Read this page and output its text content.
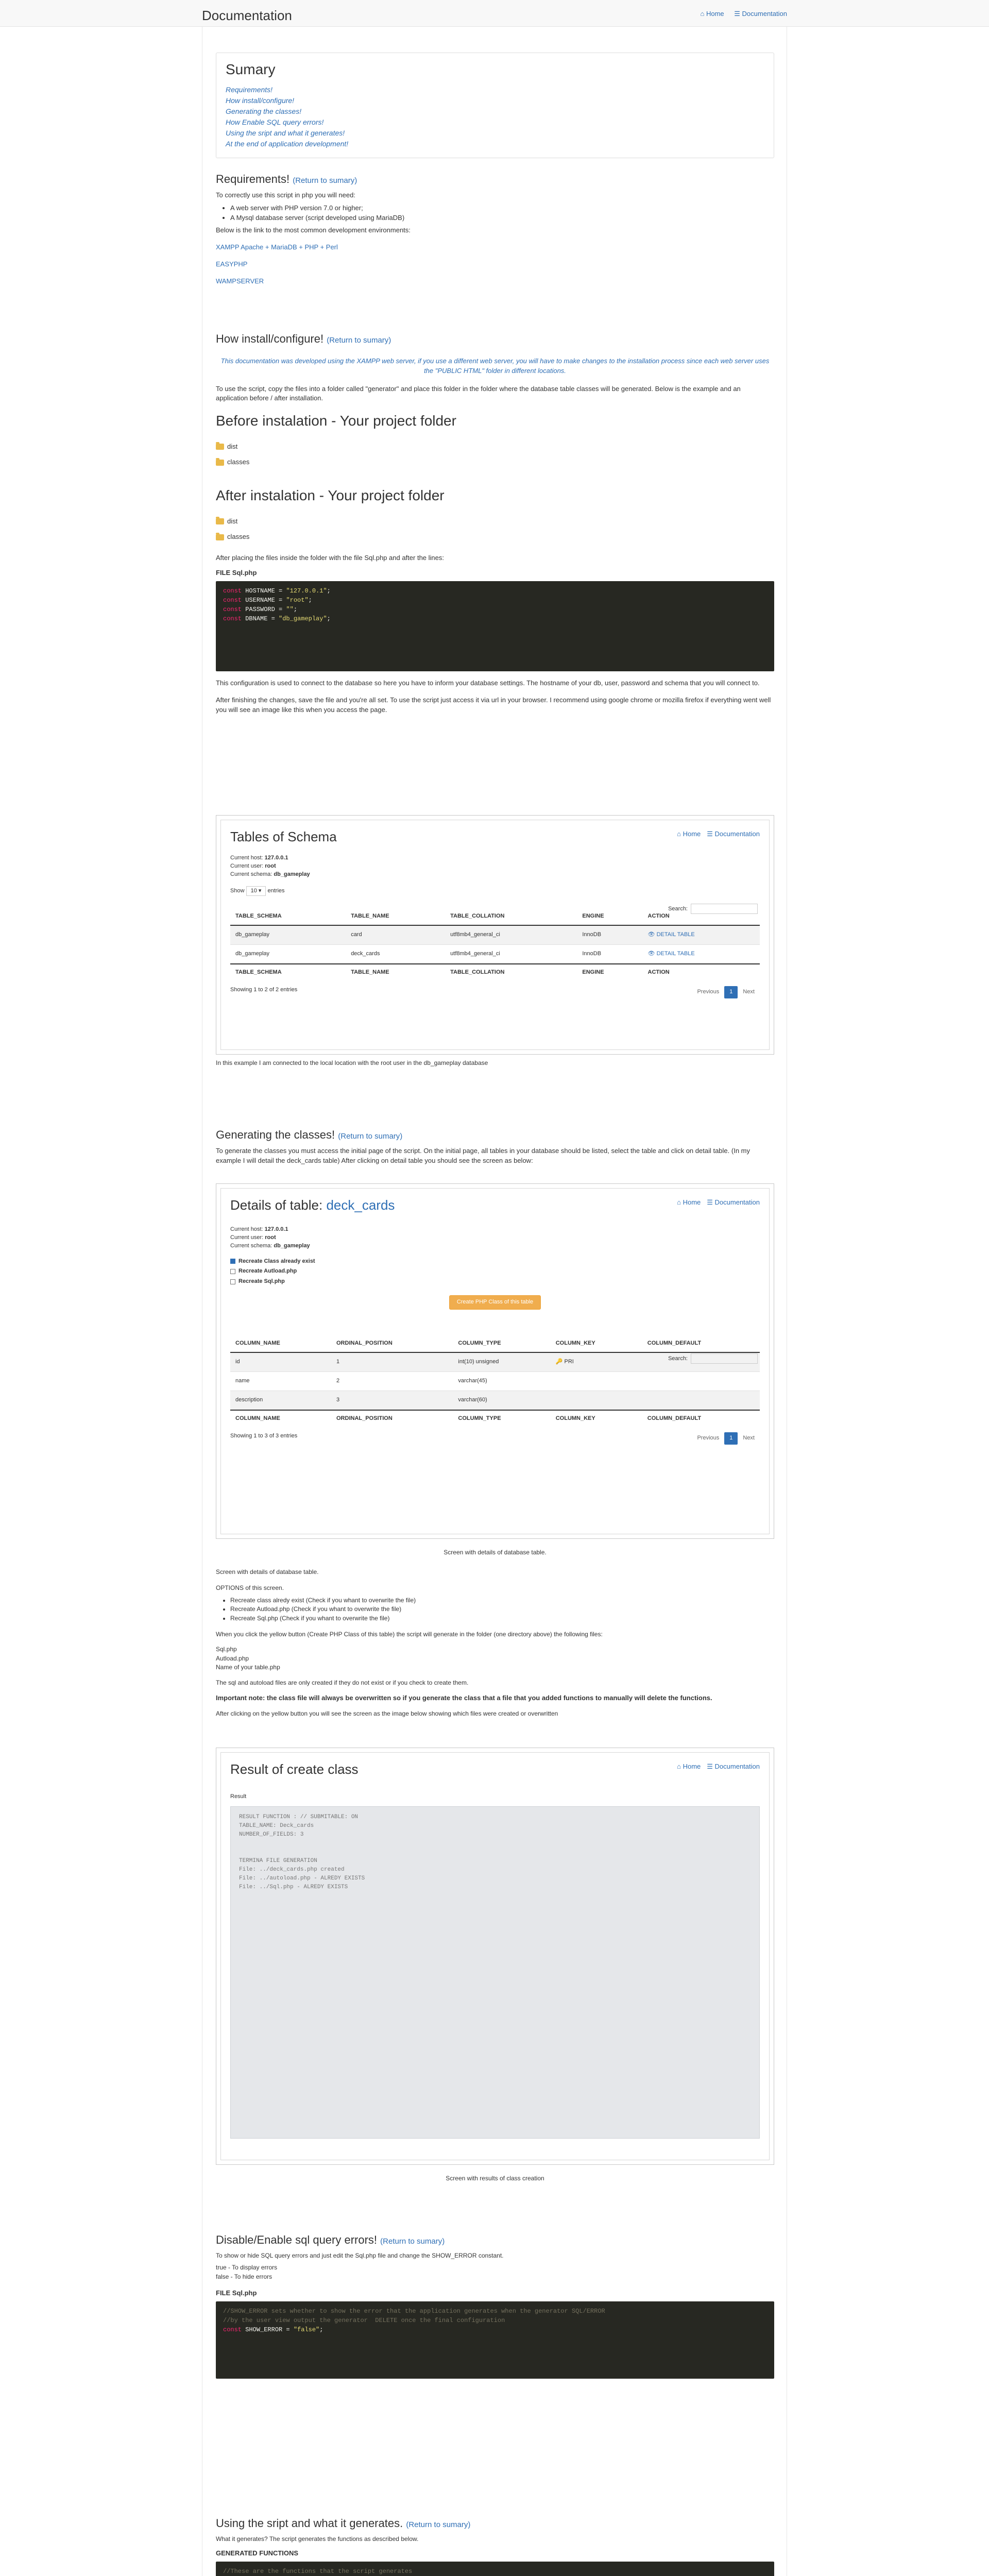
Documentation	⌂ Home ☰ Documentation
Sumary
Requirements!
How install/configure!
Generating the classes!
How Enable SQL query errors!
Using the sript and what it generates!
At the end of application development!
Requirements! (Return to sumary)

To correctly use this script in php you will need:

• A web server with PHP version 7.0 or higher;
• A Mysql database server (script developed using MariaDB)

Below is the link to the most common development environments:

XAMPP Apache + MariaDB + PHP + Perl
EASYPHP
WAMPSERVER
How install/configure! (Return to sumary)

This documentation was developed using the XAMPP web server, if you use a different web server, you will have to make changes to the installation process since each web server uses the "PUBLIC HTML" folder in different locations.

To use the script, copy the files into a folder called "generator" and place this folder in the folder where the database table classes will be generated. Below is the example and an application before / after installation.

Before instalation - Your project folder
dist
classes
After instalation - Your project folder
dist
classes

After placing the files inside the folder with the file Sql.php and after the lines:

FILE Sql.php

const HOSTNAME = "127.0.0.1";
const USERNAME = "root";
const PASSWORD = "";
const DBNAME = "db_gameplay";

This configuration is used to connect to the database so here you have to inform your database settings. The hostname of your db, user, password and schema that you will connect to.

After finishing the changes, save the file and you're all set. To use the script just access it via url in your browser. I recommend using google chrome or mozilla firefox if everything went well you will see an image like this when you access the page.

Tables of Schema	⌂ Home ☰ Documentation
Current host: 127.0.0.1
Current user: root
Current schema: db_gameplay
Show 10 ▾ entries
Search:
TABLE_SCHEMA	TABLE_NAME	TABLE_COLLATION	ENGINE	ACTION
db_gameplay	card	utf8mb4_general_ci	InnoDB	👁 DETAIL TABLE
db_gameplay	deck_cards	utf8mb4_general_ci	InnoDB	👁 DETAIL TABLE
TABLE_SCHEMA	TABLE_NAME	TABLE_COLLATION	ENGINE	ACTION
Showing 1 to 2 of 2 entries	Previous 1 Next
In this example I am connected to the local location with the root user in the db_gameplay database
Generating the classes! (Return to sumary)

To generate the classes you must access the initial page of the script. On the initial page, all tables in your database should be listed, select the table and click on detail table. (In my example I will detail the deck_cards table) After clicking on detail table you should see the screen as below:

Details of table: deck_cards	⌂ Home ☰ Documentation
Current host: 127.0.0.1
Current user: root
Current schema: db_gameplay
Recreate Class already exist
Recreate Autload.php
Recreate Sql.php
Create PHP Class of this table
Search:
COLUMN_NAME	ORDINAL_POSITION	COLUMN_TYPE	COLUMN_KEY	COLUMN_DEFAULT
id	1	int(10) unsigned	🔑 PRI	
name	2	varchar(45)		
description	3	varchar(60)		
COLUMN_NAME	ORDINAL_POSITION	COLUMN_TYPE	COLUMN_KEY	COLUMN_DEFAULT
Showing 1 to 3 of 3 entries	Previous 1 Next
Screen with details of database table.

Screen with details of database table.

OPTIONS of this screen.

• Recreate class alredy exist (Check if you whant to overwrite the file)
• Recreate Autload.php (Check if you whant to overwrite the file)
• Recreate Sql.php (Check if you whant to overwrite the file)

When you click the yellow button (Create PHP Class of this table) the script will generate in the folder (one directory above) the following files:

Sql.php
Autload.php
Name of your table.php

The sql and autoload files are only created if they do not exist or if you check to create them.

Important note: the class file will always be overwritten so if you generate the class that a file that you added functions to manually will delete the functions.

After clicking on the yellow button you will see the screen as the image below showing which files were created or overwritten

Result of create class	⌂ Home ☰ Documentation
Result
RESULT FUNCTION : // SUBMITABLE: ON
TABLE_NAME: Deck_cards
NUMBER_OF_FIELDS: 3

TERMINA FILE GENERATION
File: ../deck_cards.php created
File: ../autoload.php - ALREDY EXISTS
File: ../Sql.php - ALREDY EXISTS
Screen with results of class creation
Disable/Enable sql query errors! (Return to sumary)

To show or hide SQL query errors and just edit the Sql.php file and change the SHOW_ERROR constant.

true - To display errors
false - To hide errors

FILE Sql.php

//SHOW_ERROR sets whether to show the error that the application generates when the generator SQL/ERROR
//by the user view output the generator  DELETE once the final configuration
const SHOW_ERROR = "false";
Using the sript and what it generates. (Return to sumary)

What it generates? The script generates the functions as described below.

GENERATED FUNCTIONS

//These are the functions that the script generates
